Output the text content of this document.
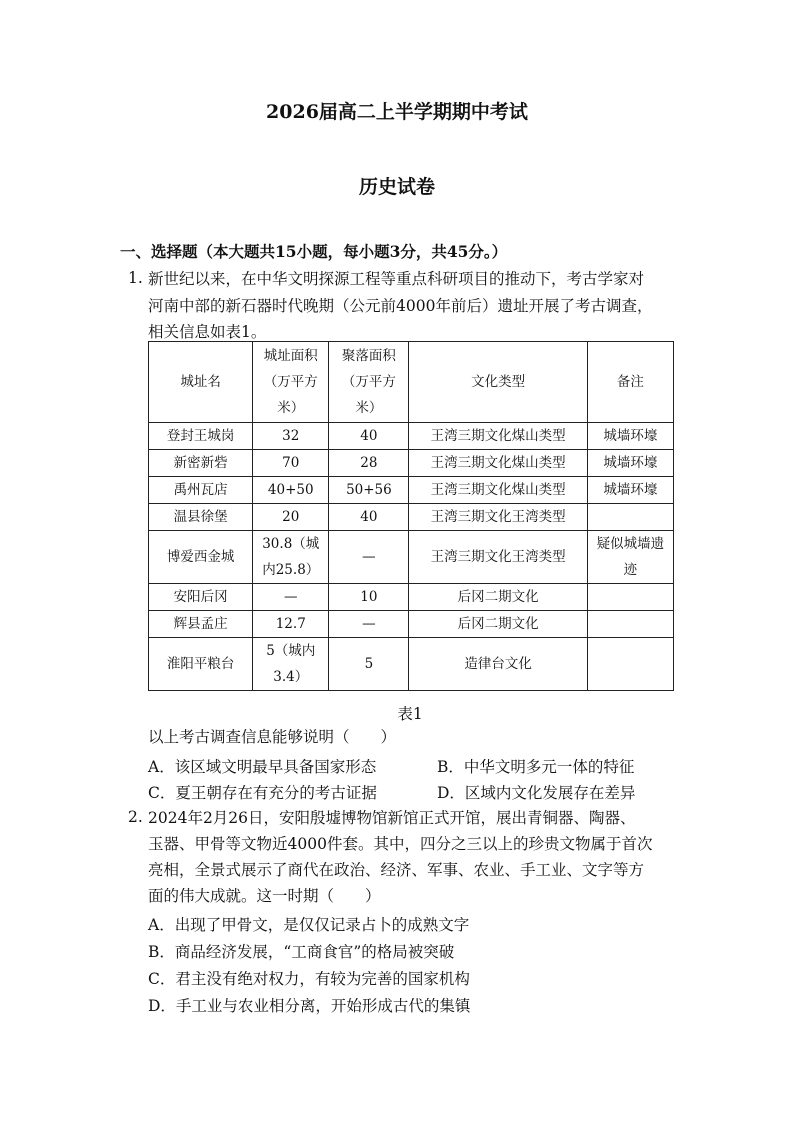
2026届高二上半学期期中考试
历史试卷
一、选择题（本大题共15小题，每小题3分，共45分。）
1. 新世纪以来，在中华文明探源工程等重点科研项目的推动下，考古学家对
河南中部的新石器时代晚期（公元前4000年前后）遗址开展了考古调查，
相关信息如表1。
城址名	城址面积（万平方米）	聚落面积（万平方米）	文化类型	备注
登封王城岗	32	40	王湾三期文化煤山类型	城墙环壕
新密新砦	70	28	王湾三期文化煤山类型	城墙环壕
禹州瓦店	40+50	50+56	王湾三期文化煤山类型	城墙环壕
温县徐堡	20	40	王湾三期文化王湾类型	
博爱西金城	30.8（城内25.8）	—	王湾三期文化王湾类型	疑似城墙遗迹
安阳后冈	—	10	后冈二期文化	
辉县孟庄	12.7	—	后冈二期文化	
淮阳平粮台	5（城内3.4）	5	造律台文化	
表1
以上考古调查信息能够说明（　　）
A．该区域文明最早具备国家形态	B．中华文明多元一体的特征
C．夏王朝存在有充分的考古证据	D．区域内文化发展存在差异
2. 2024年2月26日，安阳殷墟博物馆新馆正式开馆，展出青铜器、陶器、
玉器、甲骨等文物近4000件套。其中，四分之三以上的珍贵文物属于首次
亮相，全景式展示了商代在政治、经济、军事、农业、手工业、文字等方
面的伟大成就。这一时期（　　）
A．出现了甲骨文，是仅仅记录占卜的成熟文字
B．商品经济发展，“工商食官”的格局被突破
C．君主没有绝对权力，有较为完善的国家机构
D．手工业与农业相分离，开始形成古代的集镇
